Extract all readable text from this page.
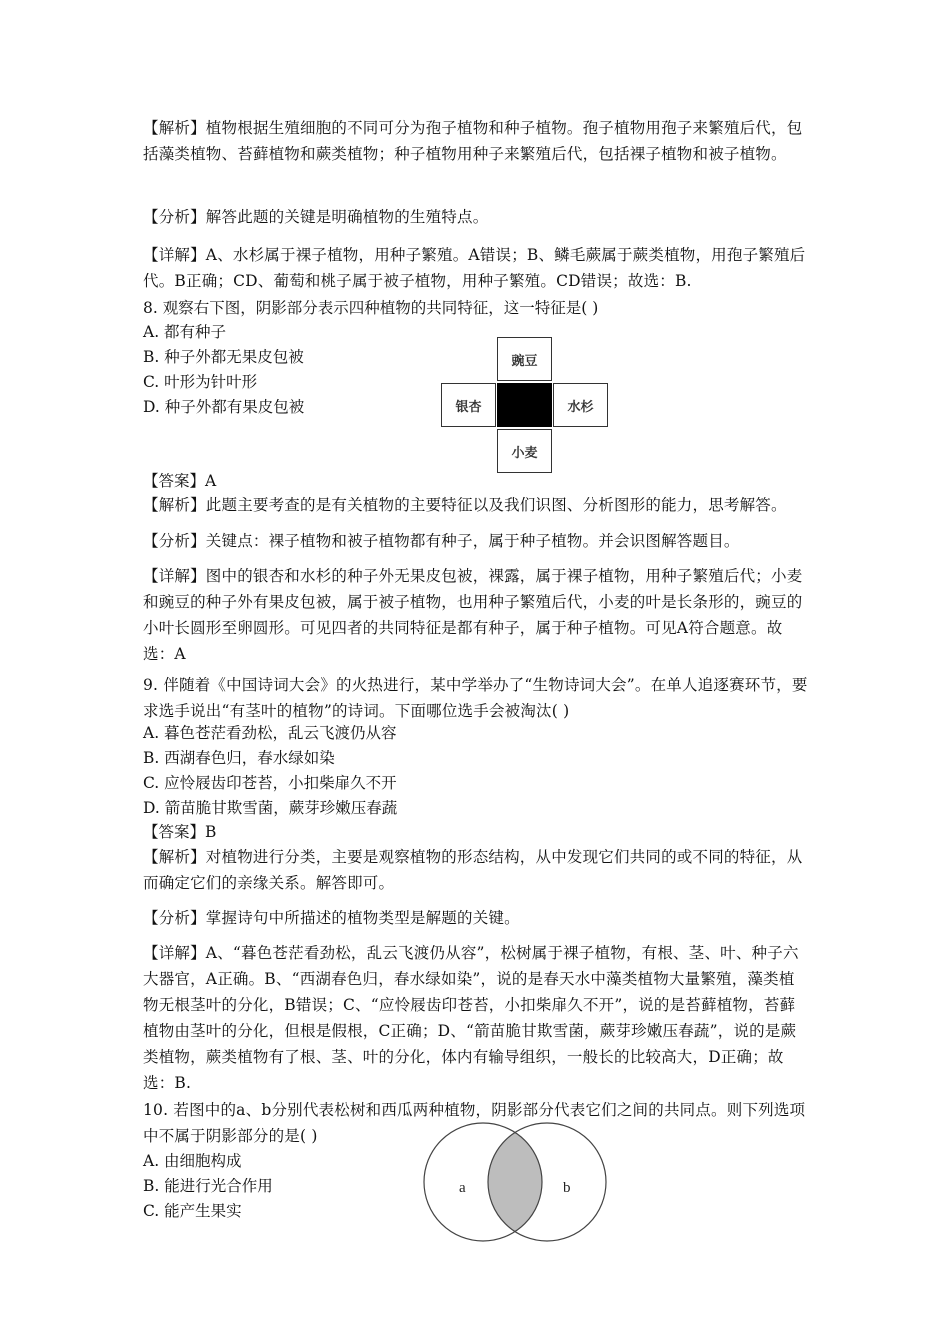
【解析】植物根据生殖细胞的不同可分为孢子植物和种子植物。孢子植物用孢子来繁殖后代，包括藻类植物、苔藓植物和蕨类植物；种子植物用种子来繁殖后代，包括裸子植物和被子植物。

【分析】解答此题的关键是明确植物的生殖特点。

【详解】A、水杉属于裸子植物，用种子繁殖。A错误；B、鳞毛蕨属于蕨类植物，用孢子繁殖后代。B正确；CD、葡萄和桃子属于被子植物，用种子繁殖。CD错误；故选：B.

8. 观察右下图，阴影部分表示四种植物的共同特征，这一特征是( )

A. 都有种子

B. 种子外都无果皮包被

C. 叶形为针叶形

D. 种子外都有果皮包被

豌豆
银杏	水杉
小麦

【答案】A

【解析】此题主要考查的是有关植物的主要特征以及我们识图、分析图形的能力，思考解答。

【分析】关键点：裸子植物和被子植物都有种子，属于种子植物。并会识图解答题目。

【详解】图中的银杏和水杉的种子外无果皮包被，裸露，属于裸子植物，用种子繁殖后代；小麦和豌豆的种子外有果皮包被，属于被子植物，也用种子繁殖后代，小麦的叶是长条形的，豌豆的小叶长圆形至卵圆形。可见四者的共同特征是都有种子，属于种子植物。可见A符合题意。故选：A

9. 伴随着《中国诗词大会》的火热进行，某中学举办了“生物诗词大会”。在单人追逐赛环节，要求选手说出“有茎叶的植物”的诗词。下面哪位选手会被淘汰( )

A. 暮色苍茫看劲松，乱云飞渡仍从容

B. 西湖春色归，春水绿如染

C. 应怜屐齿印苍苔，小扣柴扉久不开

D. 箭苗脆甘欺雪菌，蕨芽珍嫩压春蔬

【答案】B

【解析】对植物进行分类，主要是观察植物的形态结构，从中发现它们共同的或不同的特征，从而确定它们的亲缘关系。解答即可。

【分析】掌握诗句中所描述的植物类型是解题的关键。

【详解】A、“暮色苍茫看劲松，乱云飞渡仍从容”，松树属于裸子植物，有根、茎、叶、种子六大器官，A正确。B、“西湖春色归，春水绿如染”，说的是春天水中藻类植物大量繁殖，藻类植物无根茎叶的分化，B错误；C、“应怜屐齿印苍苔，小扣柴扉久不开”，说的是苔藓植物，苔藓植物由茎叶的分化，但根是假根，C正确；D、“箭苗脆甘欺雪菌，蕨芽珍嫩压春蔬”，说的是蕨类植物，蕨类植物有了根、茎、叶的分化，体内有输导组织，一般长的比较高大，D正确；故选：B.

10. 若图中的a、b分别代表松树和西瓜两种植物，阴影部分代表它们之间的共同点。则下列选项中不属于阴影部分的是( )

A. 由细胞构成

B. 能进行光合作用

C. 能产生果实

a	b
